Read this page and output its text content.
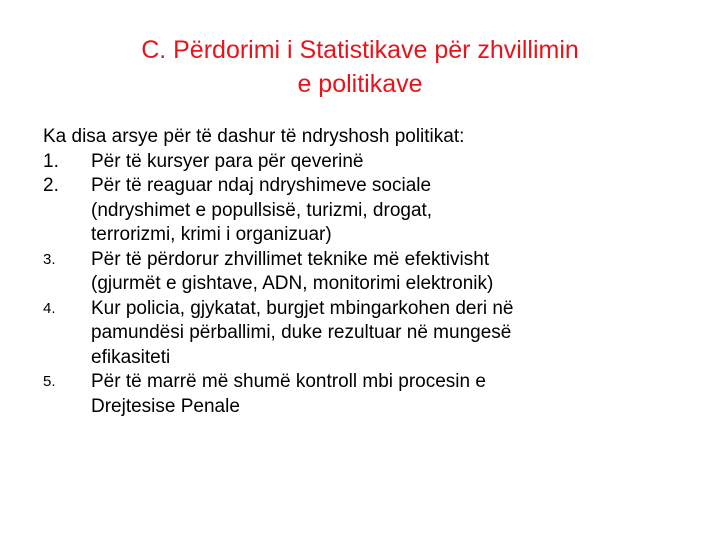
C. Përdorimi i Statistikave për zhvillimin
e politikave
Ka disa arsye për të dashur të ndryshosh politikat:
1.	Për të kursyer para për qeverinë
2.	Për të reaguar ndaj ndryshimeve sociale
(ndryshimet e popullsisë, turizmi, drogat,
terrorizmi, krimi i organizuar)
3.	Për të përdorur zhvillimet teknike më efektivisht
(gjurmët e gishtave, ADN, monitorimi elektronik)
4.	Kur policia, gjykatat, burgjet mbingarkohen deri në
pamundësi përballimi, duke rezultuar në mungesë
efikasiteti
5.	Për të marrë më shumë kontroll mbi procesin e
Drejtesise Penale
